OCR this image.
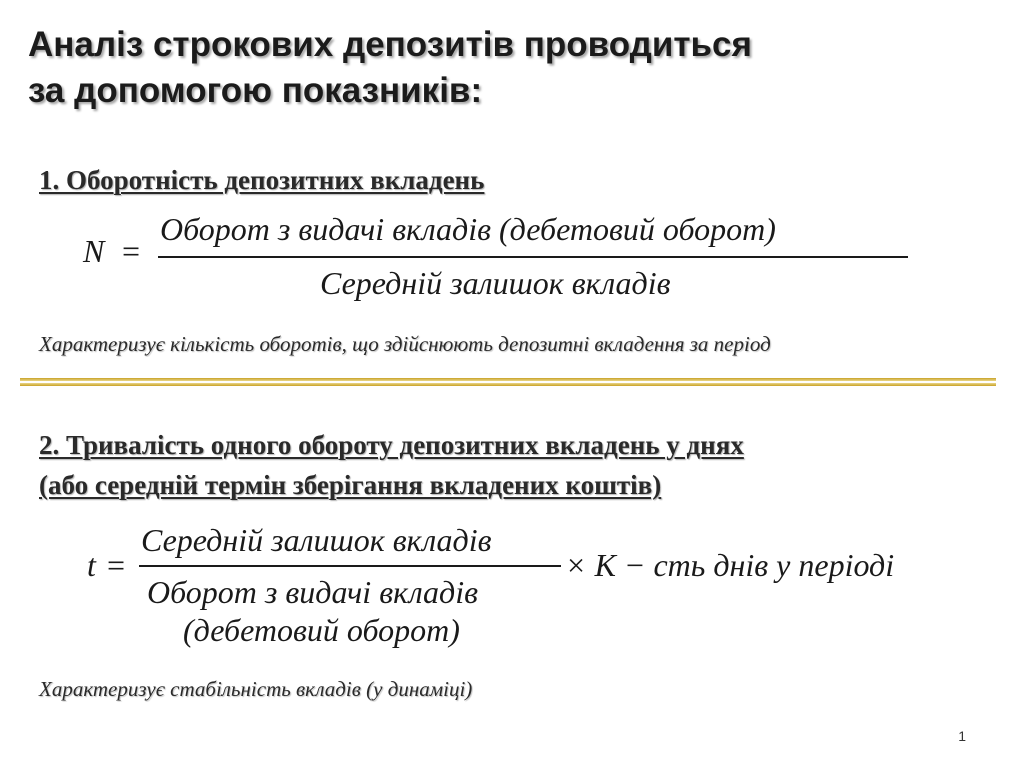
Аналіз строкових депозитів проводиться
за допомогою показників:
1. Оборотність депозитних вкладень
N =
Оборот з видачі вкладів (дебетовий оборот)
Середній залишок вкладів

Характеризує кількість оборотів, що здійснюють депозитні вкладення за період

2. Тривалість одного обороту депозитних вкладень у днях
(або середній термін зберігання вкладених коштів)
t =
Середній залишок вкладів
Оборот з видачі вкладів
(дебетовий оборот)
× К − сть днів у періоді

Характеризує стабільність вкладів (у динаміці)

1
